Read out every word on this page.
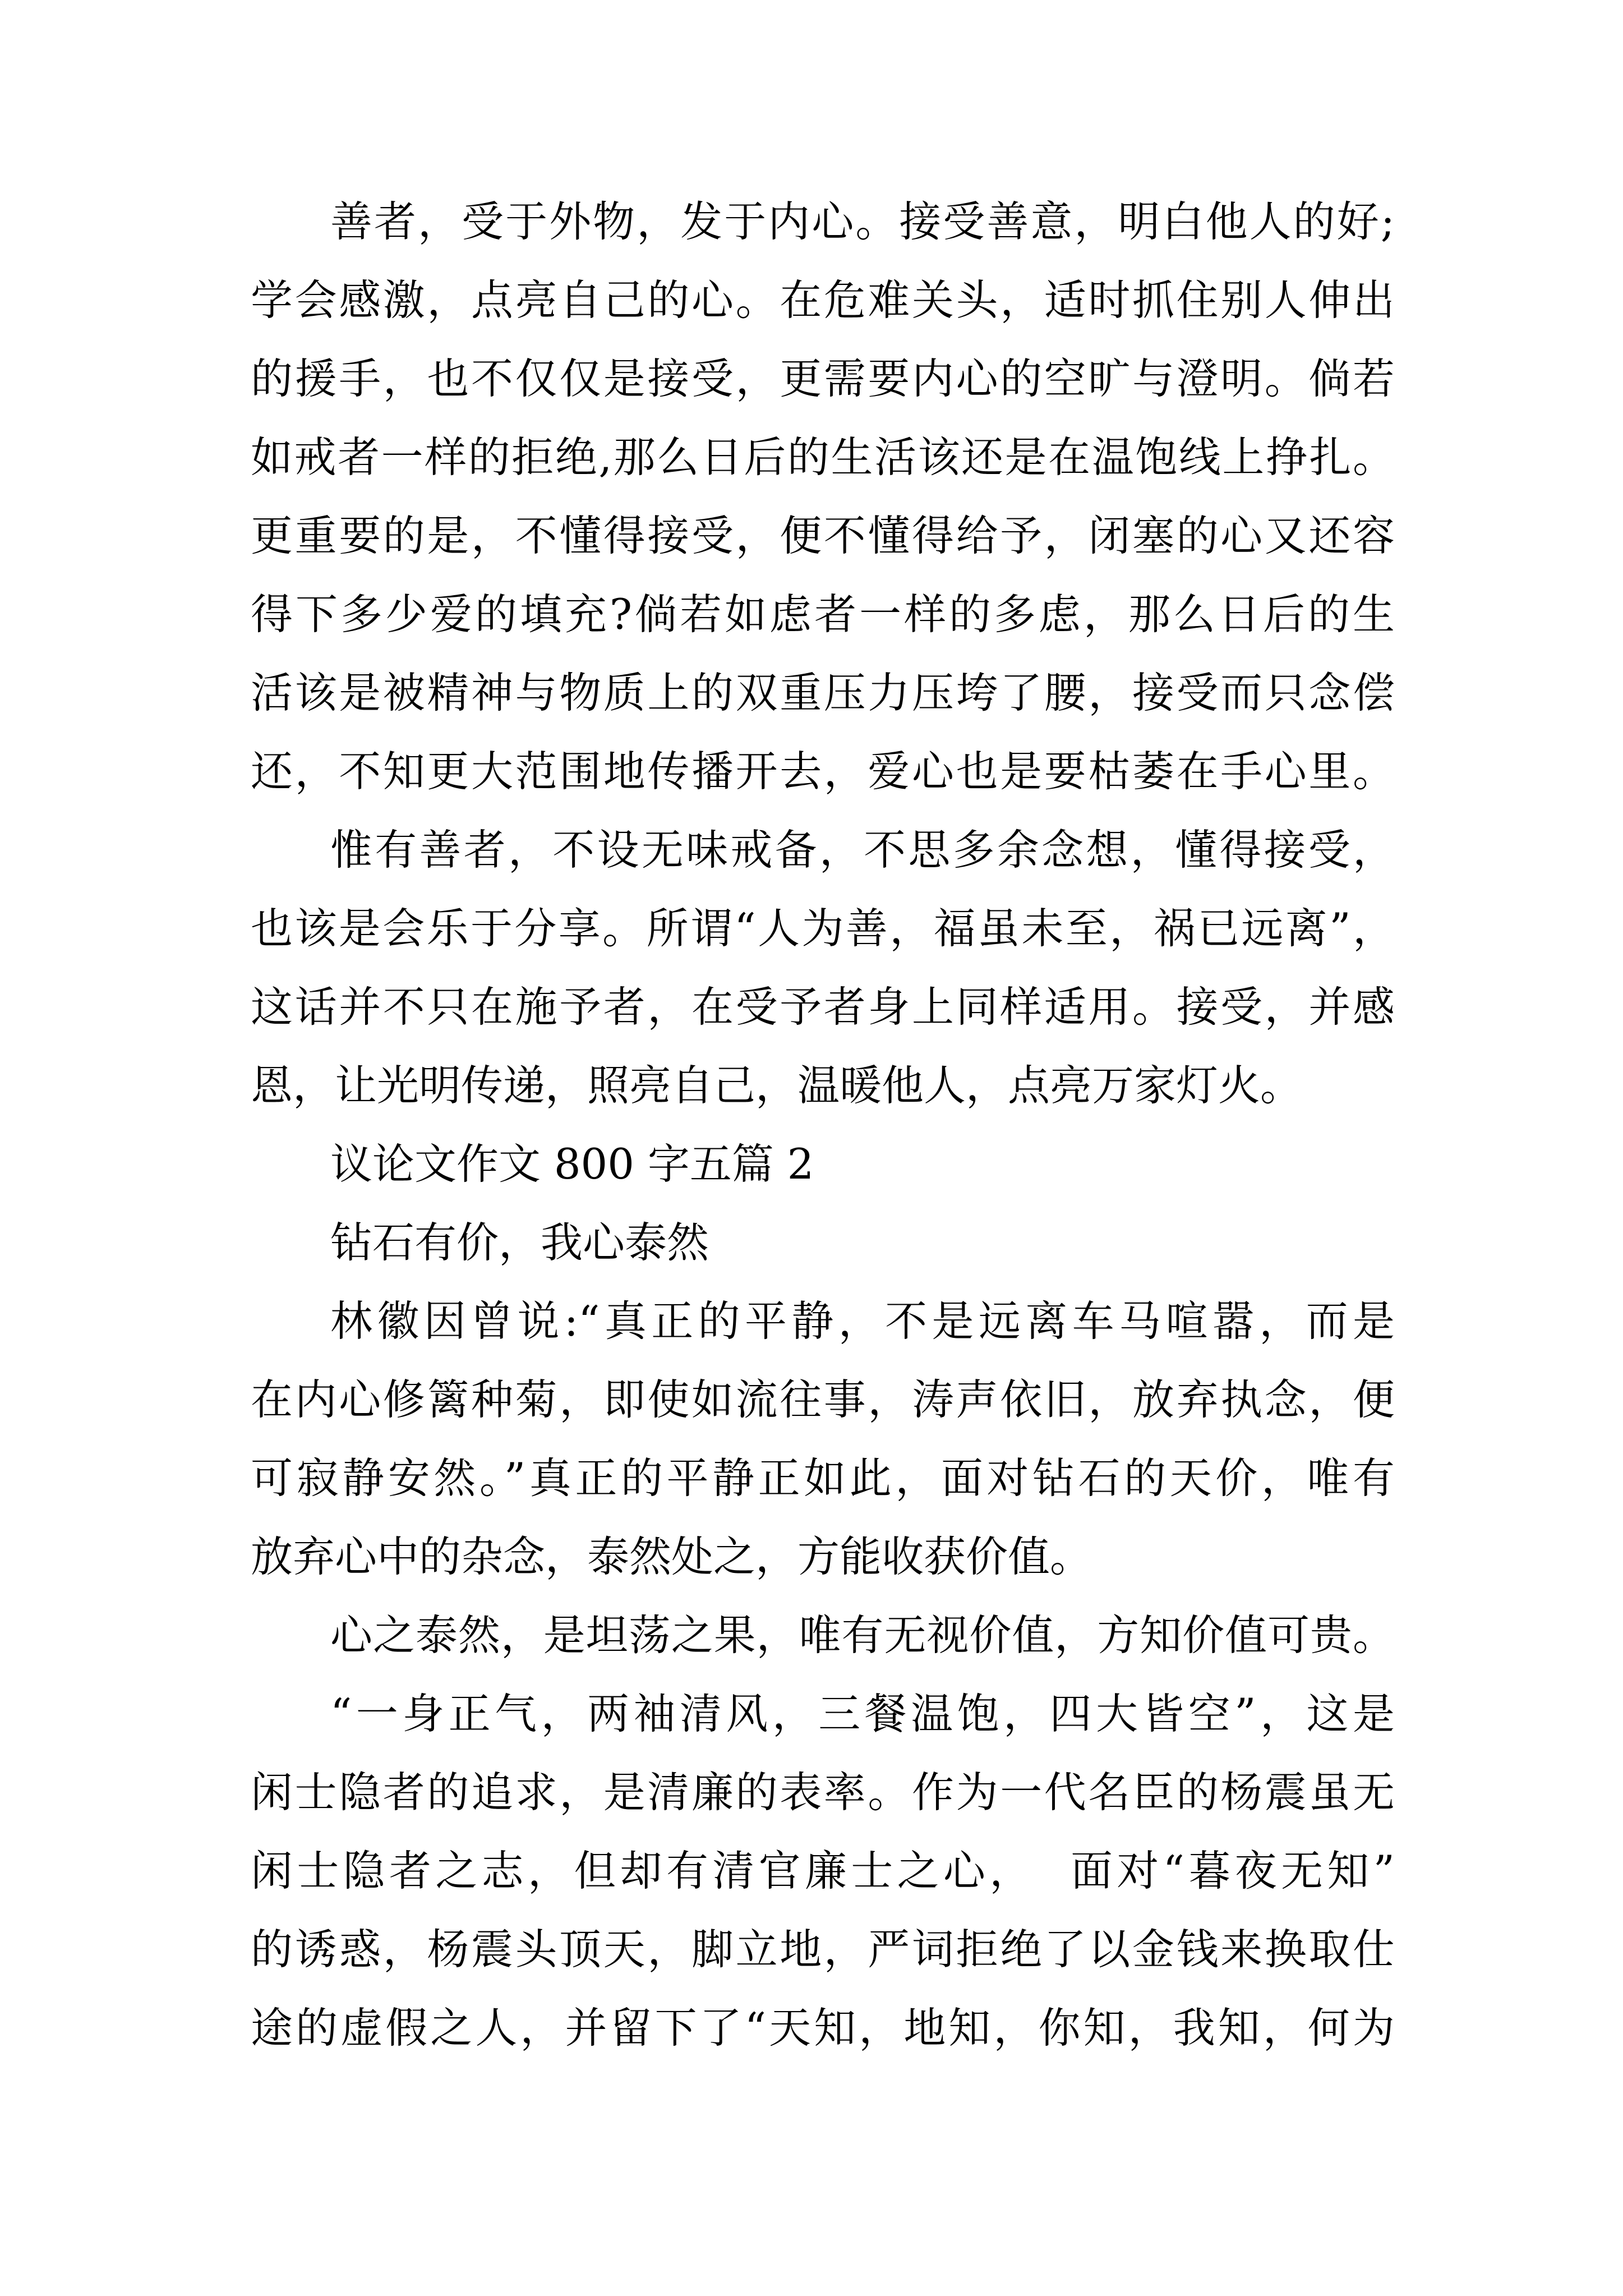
善者，受于外物，发于内心。接受善意，明白他人的好;
学会感激，点亮自己的心。在危难关头，适时抓住别人伸出
的援手，也不仅仅是接受，更需要内心的空旷与澄明。倘若
如戒者一样的拒绝,那么日后的生活该还是在温饱线上挣扎。
更重要的是，不懂得接受，便不懂得给予，闭塞的心又还容
得下多少爱的填充?倘若如虑者一样的多虑，那么日后的生
活该是被精神与物质上的双重压力压垮了腰，接受而只念偿
还，不知更大范围地传播开去，爱心也是要枯萎在手心里。
惟有善者，不设无味戒备，不思多余念想，懂得接受，
也该是会乐于分享。所谓“人为善，福虽未至，祸已远离”，
这话并不只在施予者，在受予者身上同样适用。接受，并感
恩，让光明传递，照亮自己，温暖他人，点亮万家灯火。
议论文作文 800 字五篇 2
钻石有价，我心泰然
林徽因曾说:“真正的平静，不是远离车马喧嚣，而是
在内心修篱种菊，即使如流往事，涛声依旧，放弃执念，便
可寂静安然。”真正的平静正如此，面对钻石的天价，唯有
放弃心中的杂念，泰然处之，方能收获价值。
心之泰然，是坦荡之果，唯有无视价值，方知价值可贵。
“一身正气，两袖清风，三餐温饱，四大皆空”，这是
闲士隐者的追求，是清廉的表率。作为一代名臣的杨震虽无
闲士隐者之志，但却有清官廉士之心，  面对“暮夜无知”
的诱惑，杨震头顶天，脚立地，严词拒绝了以金钱来换取仕
途的虚假之人，并留下了“天知，地知，你知，我知，何为
